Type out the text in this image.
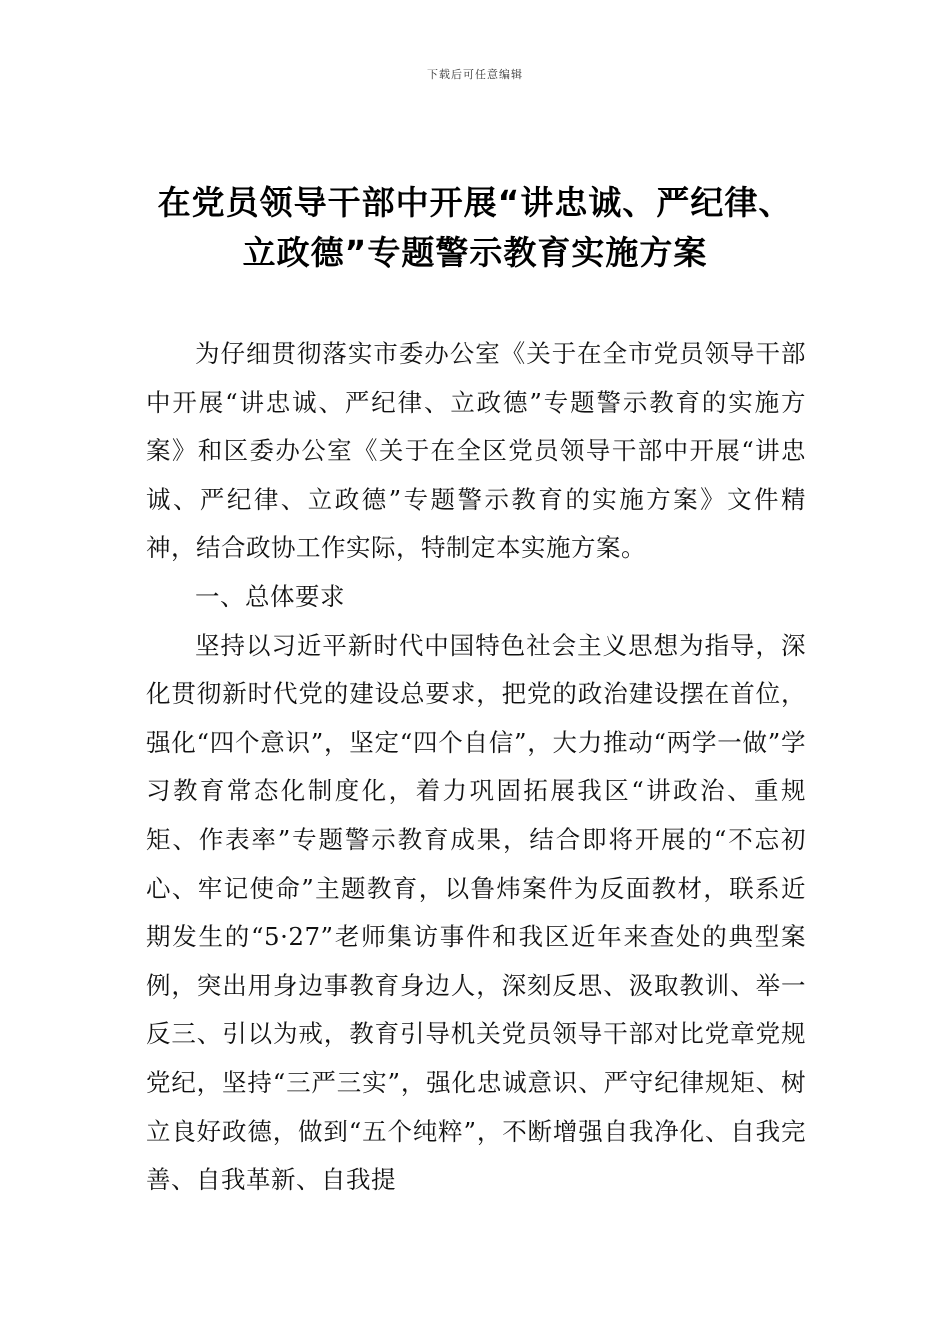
下载后可任意编辑
在党员领导干部中开展“讲忠诚、严纪律、
立政德”专题警示教育实施方案

为仔细贯彻落实市委办公室《关于在全市党员领导干部中开展“讲忠诚、严纪律、立政德”专题警示教育的实施方案》和区委办公室《关于在全区党员领导干部中开展“讲忠诚、严纪律、立政德”专题警示教育的实施方案》文件精神，结合政协工作实际，特制定本实施方案。

一、总体要求

坚持以习近平新时代中国特色社会主义思想为指导，深化贯彻新时代党的建设总要求，把党的政治建设摆在首位，强化“四个意识”，坚定“四个自信”，大力推动“两学一做”学习教育常态化制度化，着力巩固拓展我区“讲政治、重规矩、作表率”专题警示教育成果，结合即将开展的“不忘初心、牢记使命”主题教育，以鲁炜案件为反面教材，联系近期发生的“5·27”老师集访事件和我区近年来查处的典型案例，突出用身边事教育身边人，深刻反思、汲取教训、举一反三、引以为戒，教育引导机关党员领导干部对比党章党规党纪，坚持“三严三实”，强化忠诚意识、严守纪律规矩、树立良好政德，做到“五个纯粹”，不断增强自我净化、自我完善、自我革新、自我提
